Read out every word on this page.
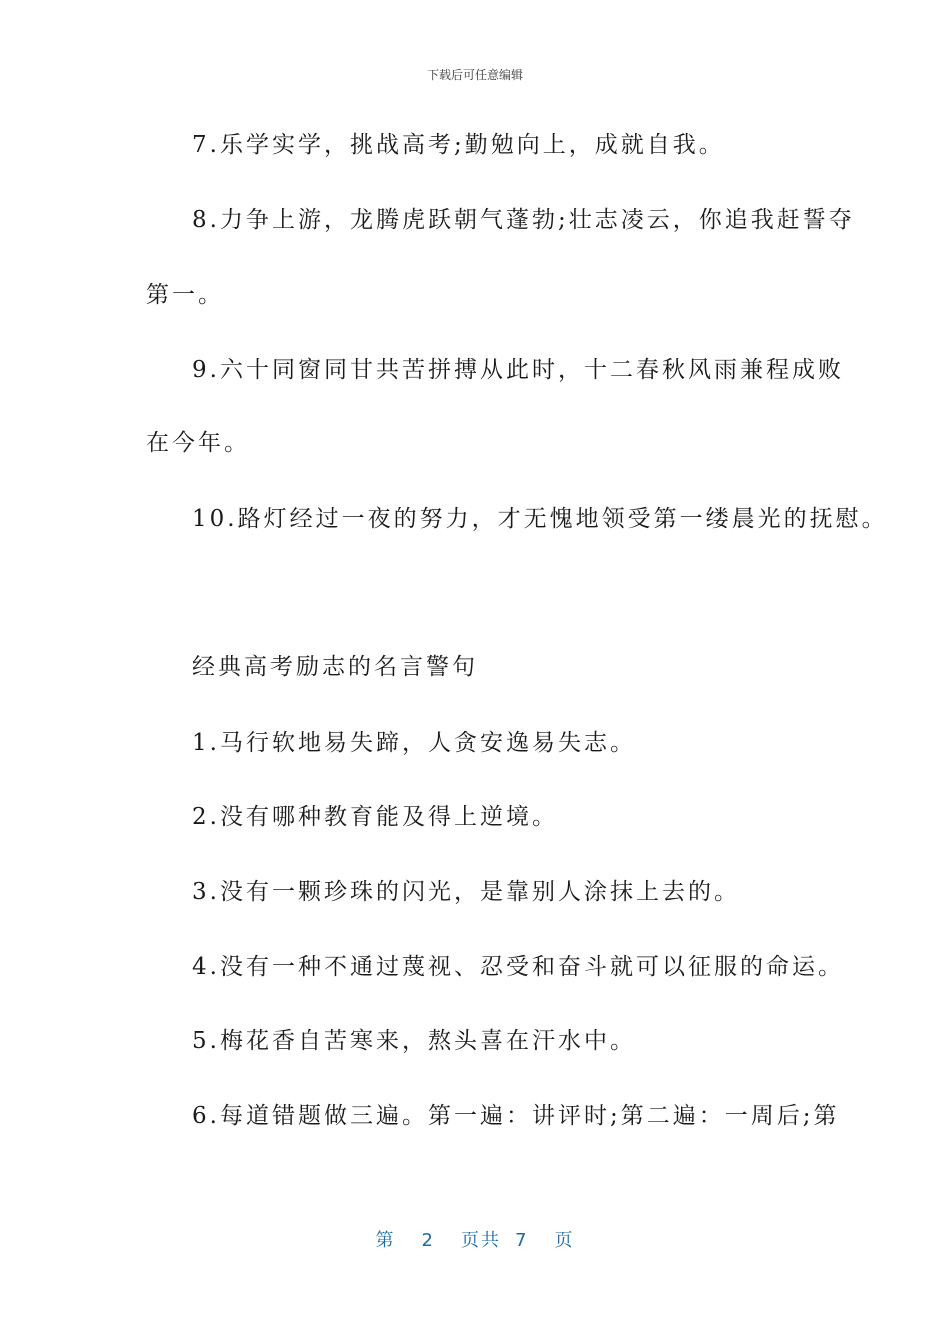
下载后可任意编辑
7.乐学实学，挑战高考;勤勉向上，成就自我。
8.力争上游，龙腾虎跃朝气蓬勃;壮志凌云，你追我赶誓夺
第一。
9.六十同窗同甘共苦拼搏从此时，十二春秋风雨兼程成败
在今年。
10.路灯经过一夜的努力，才无愧地领受第一缕晨光的抚慰。
经典高考励志的名言警句
1.马行软地易失蹄，人贪安逸易失志。
2.没有哪种教育能及得上逆境。
3.没有一颗珍珠的闪光，是靠别人涂抹上去的。
4.没有一种不通过蔑视、忍受和奋斗就可以征服的命运。
5.梅花香自苦寒来，熬头喜在汗水中。
6.每道错题做三遍。第一遍：讲评时;第二遍：一周后;第
第 2 页共 7 页
